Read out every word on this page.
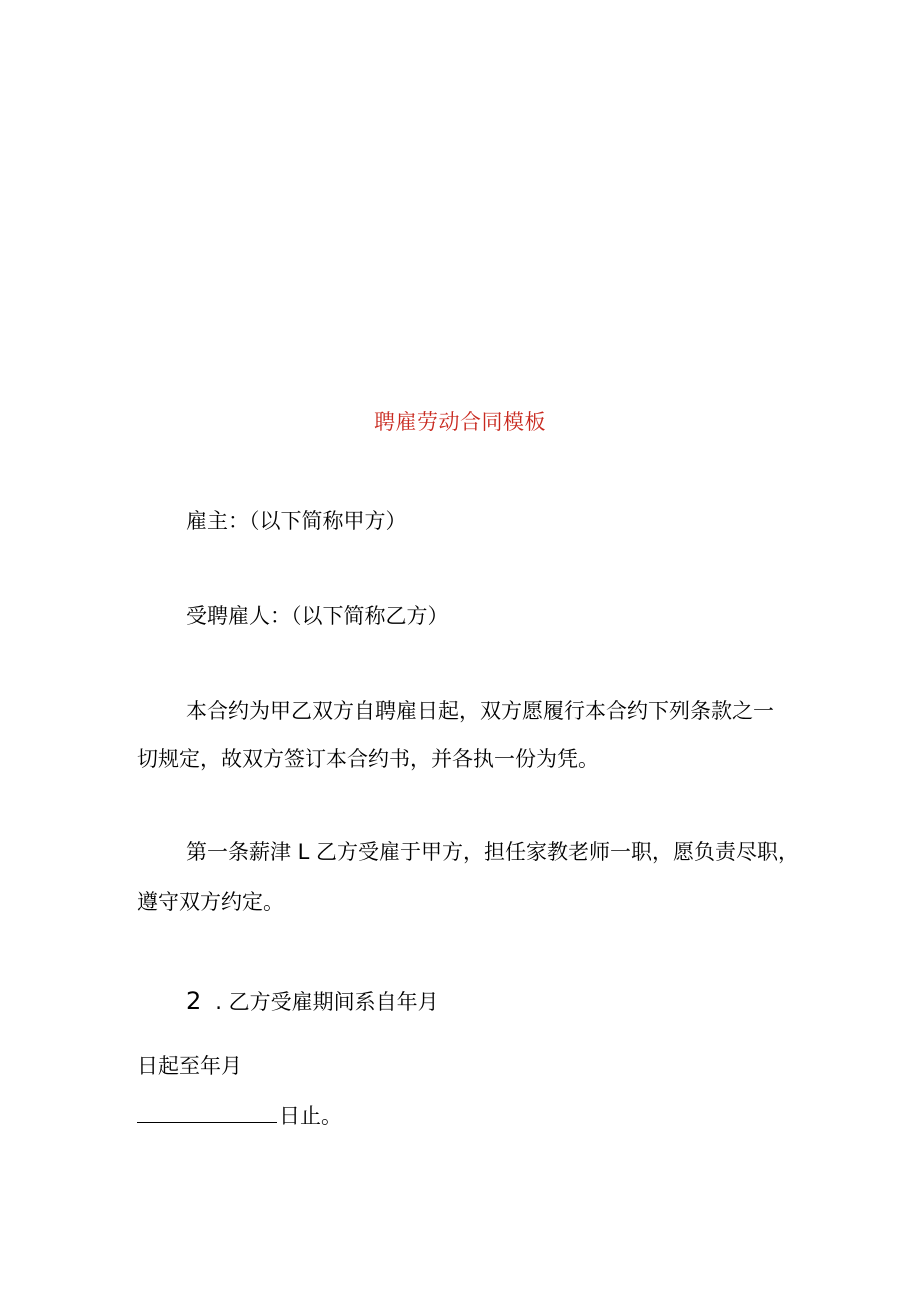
聘雇劳动合同模板
雇主：（以下简称甲方）
受聘雇人：（以下简称乙方）
本合约为甲乙双方自聘雇日起，双方愿履行本合约下列条款之一
切规定，故双方签订本合约书，并各执一份为凭。
第一条薪津 L 乙方受雇于甲方，担任家教老师一职，愿负责尽职，
遵守双方约定。
2 . 乙方受雇期间系自年月
日起至年月
日止。
